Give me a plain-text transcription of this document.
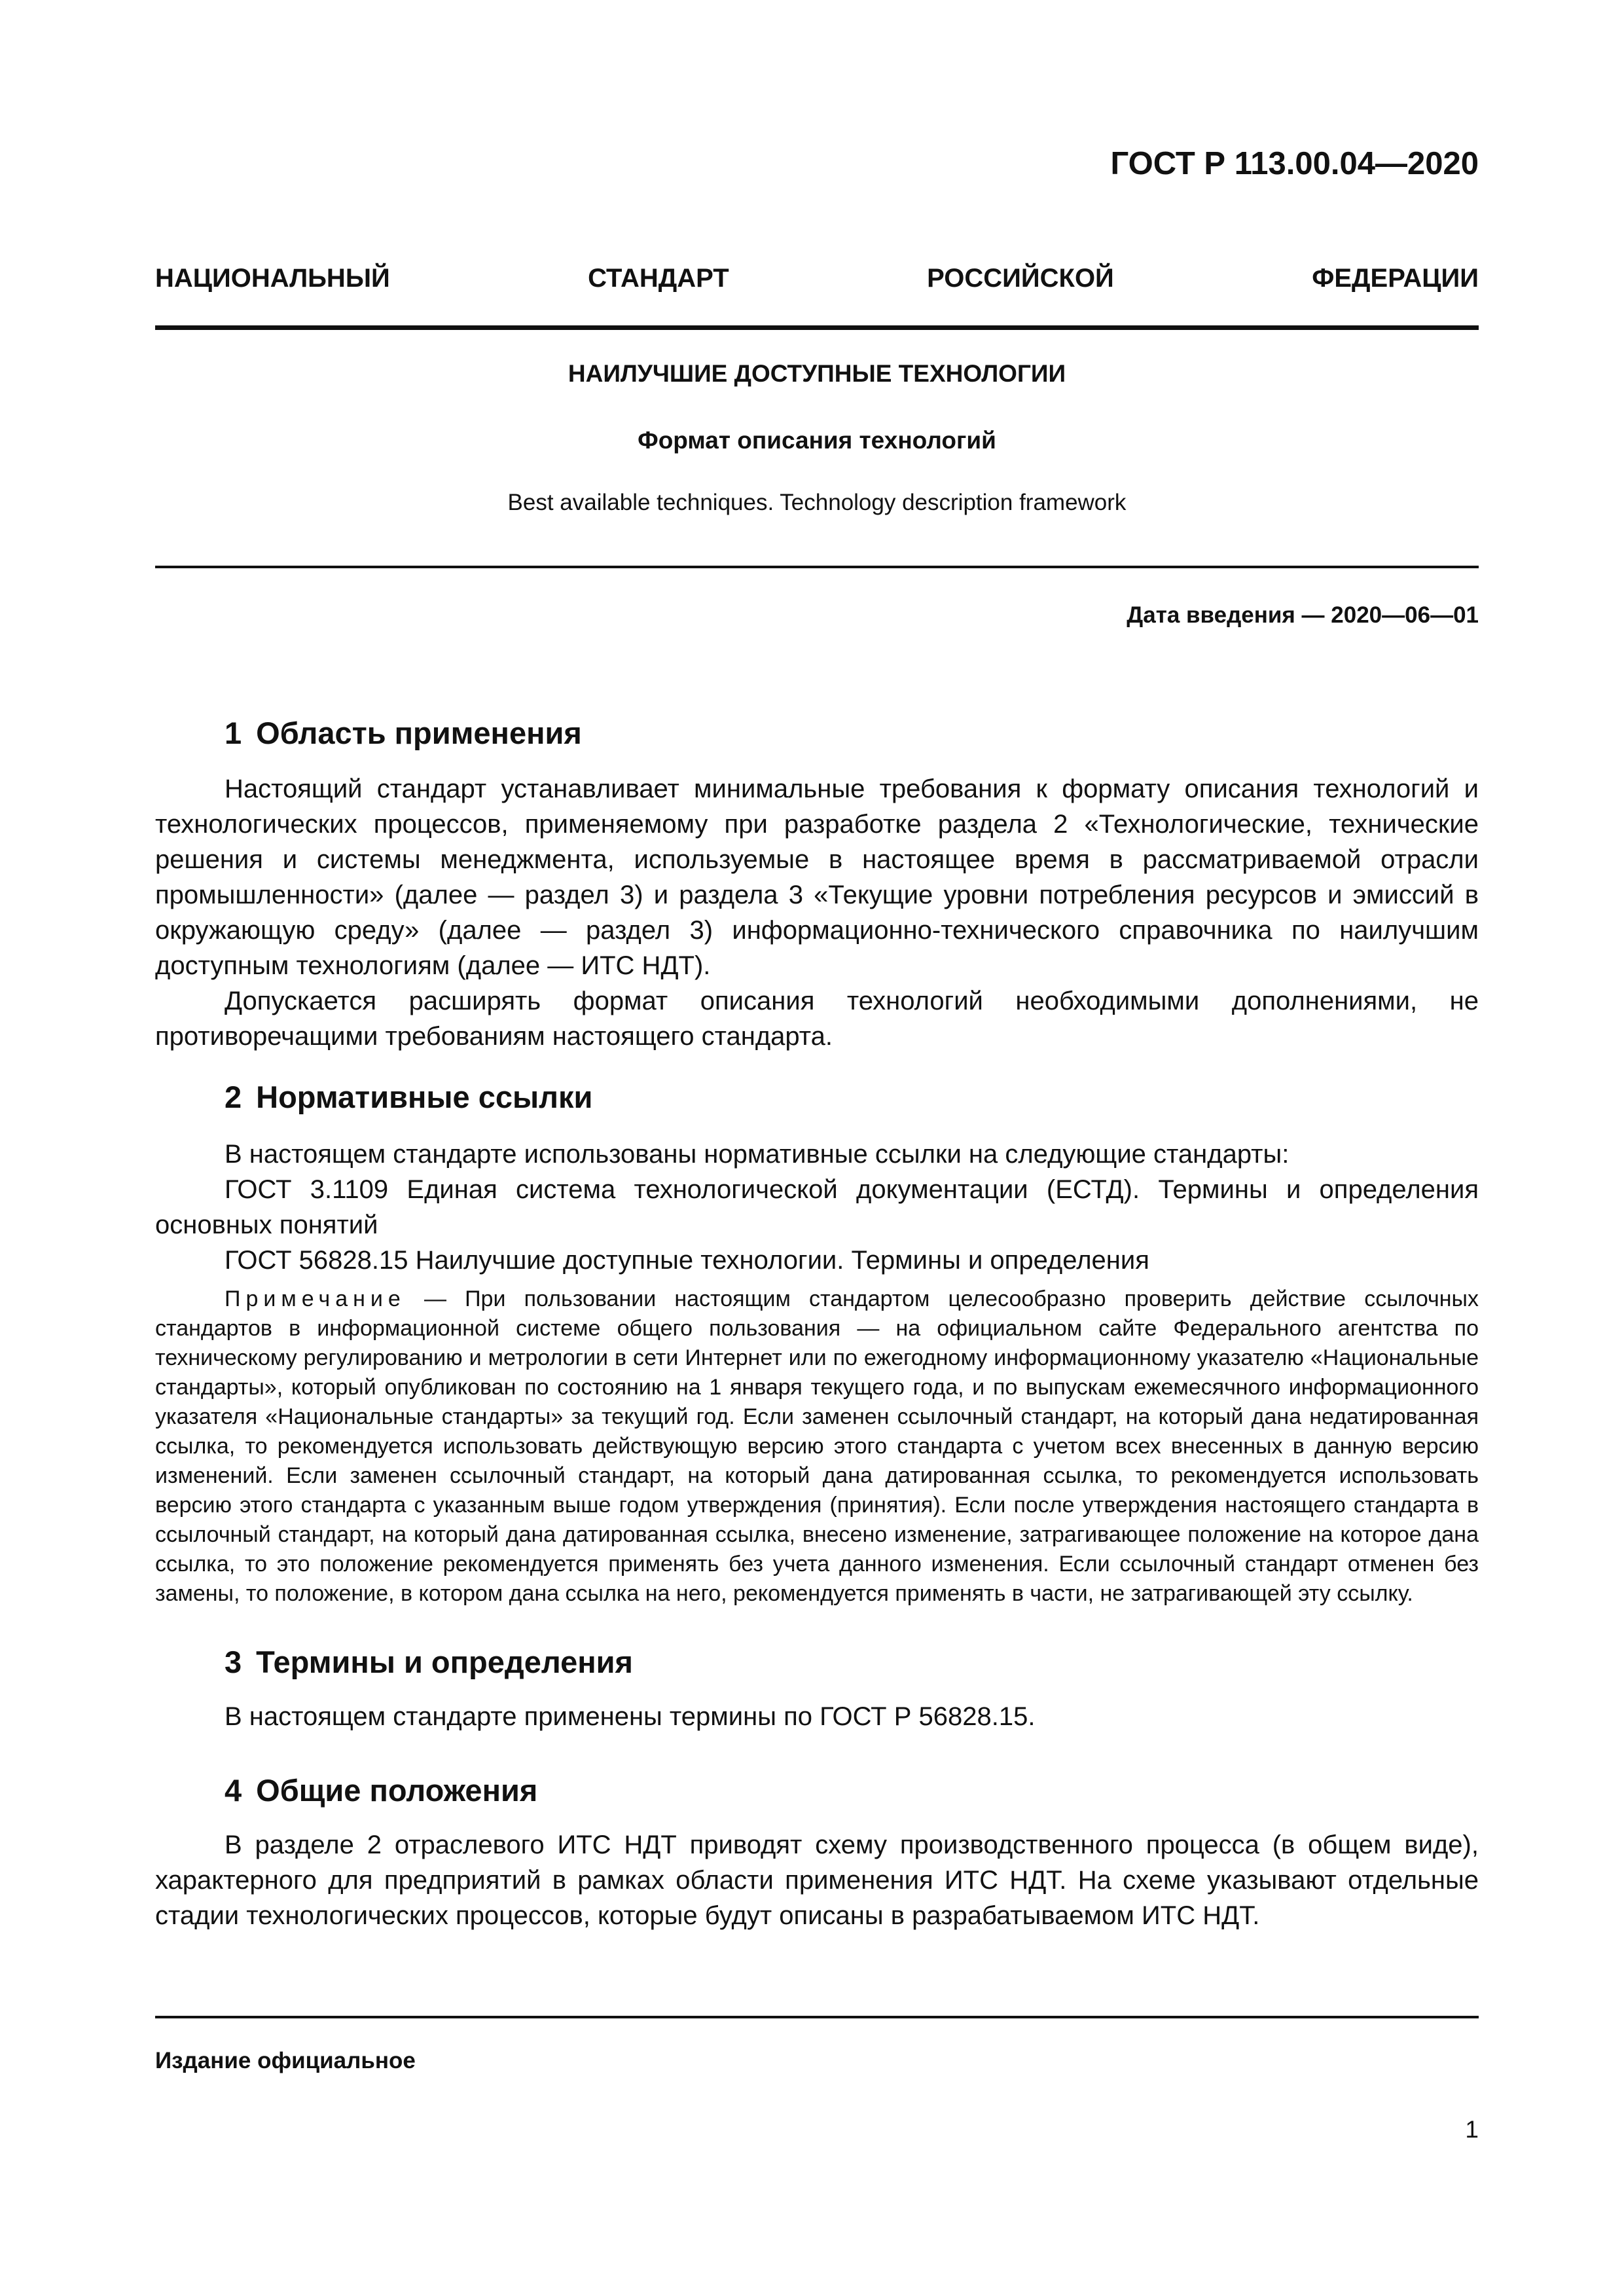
ГОСТ Р 113.00.04—2020
НАЦИОНАЛЬНЫЙ СТАНДАРТ РОССИЙСКОЙ ФЕДЕРАЦИИ
НАИЛУЧШИЕ ДОСТУПНЫЕ ТЕХНОЛОГИИ
Формат описания технологий
Best available techniques. Technology description framework
Дата введения — 2020—06—01
1 Область применения

Настоящий стандарт устанавливает минимальные требования к формату описания технологий и технологических процессов, применяемому при разработке раздела 2 «Технологические, технические решения и системы менеджмента, используемые в настоящее время в рассматриваемой отрасли промышленности» (далее — раздел 3) и раздела 3 «Текущие уровни потребления ресурсов и эмиссий в окружающую среду» (далее — раздел 3) информационно-технического справочника по наилучшим доступным технологиям (далее — ИТС НДТ).

Допускается расширять формат описания технологий необходимыми дополнениями, не противоречащими требованиям настоящего стандарта.

2 Нормативные ссылки

В настоящем стандарте использованы нормативные ссылки на следующие стандарты:

ГОСТ 3.1109 Единая система технологической документации (ЕСТД). Термины и определения основных понятий

ГОСТ 56828.15 Наилучшие доступные технологии. Термины и определения

Примечание — При пользовании настоящим стандартом целесообразно проверить действие ссылочных стандартов в информационной системе общего пользования — на официальном сайте Федерального агентства по техническому регулированию и метрологии в сети Интернет или по ежегодному информационному указателю «Национальные стандарты», который опубликован по состоянию на 1 января текущего года, и по выпускам ежемесячного информационного указателя «Национальные стандарты» за текущий год. Если заменен ссылочный стандарт, на который дана недатированная ссылка, то рекомендуется использовать действующую версию этого стандарта с учетом всех внесенных в данную версию изменений. Если заменен ссылочный стандарт, на который дана датированная ссылка, то рекомендуется использовать версию этого стандарта с указанным выше годом утверждения (принятия). Если после утверждения настоящего стандарта в ссылочный стандарт, на который дана датированная ссылка, внесено изменение, затрагивающее положение на которое дана ссылка, то это положение рекомендуется применять без учета данного изменения. Если ссылочный стандарт отменен без замены, то положение, в котором дана ссылка на него, рекомендуется применять в части, не затрагивающей эту ссылку.

3 Термины и определения

В настоящем стандарте применены термины по ГОСТ Р 56828.15.

4 Общие положения

В разделе 2 отраслевого ИТС НДТ приводят схему производственного процесса (в общем виде), характерного для предприятий в рамках области применения ИТС НДТ. На схеме указывают отдельные стадии технологических процессов, которые будут описаны в разрабатываемом ИТС НДТ.

Издание официальное
1
